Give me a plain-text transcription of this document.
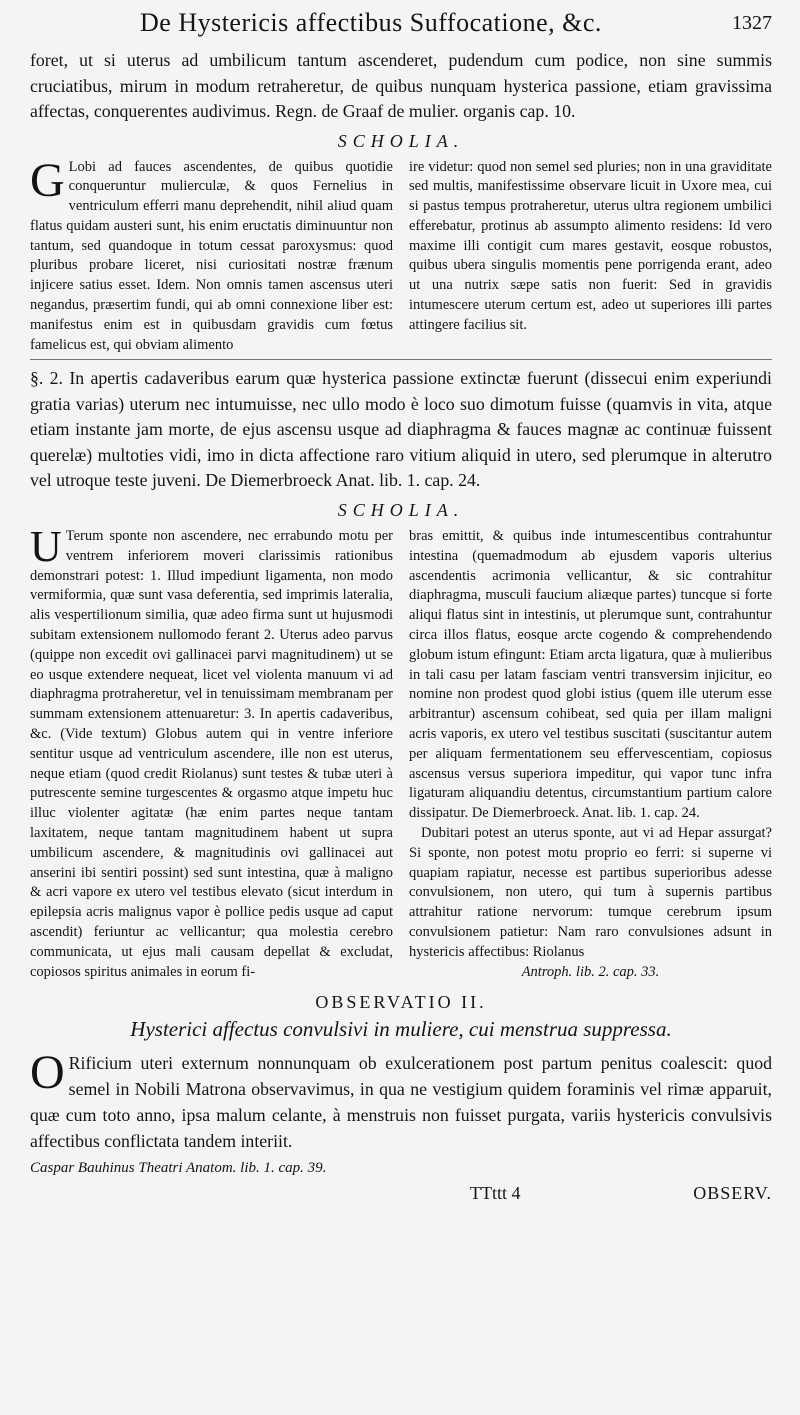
De Hystericis affectibus Suffocatione, &c.	1327

foret, ut si uterus ad umbilicum tantum ascenderet, pudendum cum podice, non sine summis cruciatibus, mirum in modum retraheretur, de quibus nunquam hysterica passione, etiam gravissima affectas, conquerentes audivimus. Regn. de Graaf de mulier. organis cap. 10.

SCHOLIA.
G Lobi ad fauces ascendentes, de quibus quotidie conqueruntur mulierculæ, & quos Fernelius in ventriculum efferri manu deprehendit, nihil aliud quam flatus quidam austeri sunt, his enim eructatis diminuuntur non tantum, sed quandoque in totum cessat paroxysmus: quod pluribus probare liceret, nisi curiositati nostræ frænum injicere satius esset. Idem. Non omnis tamen ascensus uteri negandus, præsertim fundi, qui ab omni connexione liber est: manifestus enim est in quibusdam gravidis cum fœtus famelicus est, qui obviam alimento

ire videtur: quod non semel sed pluries; non in una graviditate sed multis, manifestissime observare licuit in Uxore mea, cui si pastus tempus protraheretur, uterus ultra regionem umbilici efferebatur, protinus ab assumpto alimento residens: Id vero maxime illi contigit cum mares gestavit, eosque robustos, quibus ubera singulis momentis pene porrigenda erant, adeo ut una nutrix sæpe satis non fuerit: Sed in gravidis intumescere uterum certum est, adeo ut superiores illi partes attingere facilius sit.

§. 2. In apertis cadaveribus earum quæ hysterica passione extinctæ fuerunt (dissecui enim experiundi gratia varias) uterum nec intumuisse, nec ullo modo è loco suo dimotum fuisse (quamvis in vita, atque etiam instante jam morte, de ejus ascensu usque ad diaphragma & fauces magnæ ac continuæ fuissent querelæ) multoties vidi, imo in dicta affectione raro vitium aliquid in utero, sed plerumque in alterutro vel utroque teste juveni. De Diemerbroeck Anat. lib. 1. cap. 24.

SCHOLIA.
U Terum sponte non ascendere, nec errabundo motu per ventrem inferiorem moveri clarissimis rationibus demonstrari potest: 1. Illud impediunt ligamenta, non modo vermiformia, quæ sunt vasa deferentia, sed imprimis lateralia, alis vespertilionum similia, quæ adeo firma sunt ut hujusmodi subitam extensionem nullomodo ferant 2. Uterus adeo parvus (quippe non excedit ovi gallinacei parvi magnitudinem) ut se eo usque extendere nequeat, licet vel violenta manuum vi ad diaphragma protraheretur, vel in tenuissimam membranam per summam extensionem attenuaretur: 3. In apertis cadaveribus, &c. (Vide textum) Globus autem qui in ventre inferiore sentitur usque ad ventriculum ascendere, ille non est uterus, neque etiam (quod credit Riolanus) sunt testes & tubæ uteri à putrescente semine turgescentes & orgasmo atque impetu huc illuc violenter agitatæ (hæ enim partes neque tantam laxitatem, neque tantam magnitudinem habent ut supra umbilicum ascendere, & magnitudinis ovi gallinacei aut anserini ibi sentiri possint) sed sunt intestina, quæ à maligno & acri vapore ex utero vel testibus elevato (sicut interdum in epilepsia acris malignus vapor è pollice pedis usque ad caput ascendit) feriuntur ac vellicantur; qua molestia cerebro communicata, ut ejus mali causam depellat & excludat, copiosos spiritus animales in eorum fi-

bras emittit, & quibus inde intumescentibus contrahuntur intestina (quemadmodum ab ejusdem vaporis ulterius ascendentis acrimonia vellicantur, & sic contrahitur diaphragma, musculi faucium aliæque partes) tuncque si forte aliqui flatus sint in intestinis, ut plerumque sunt, contrahuntur circa illos flatus, eosque arcte cogendo & comprehendendo globum istum efingunt: Etiam arcta ligatura, quæ à mulieribus in tali casu per latam fasciam ventri transversim injicitur, eo nomine non prodest quod globi istius (quem ille uterum esse arbitrantur) ascensum cohibeat, sed quia per illam maligni acris vaporis, ex utero vel testibus suscitati (suscitantur autem per aliquam fermentationem seu effervescentiam, copiosus ascensus versus superiora impeditur, qui vapor tunc infra ligaturam aliquandiu detentus, circumstantium partium calore dissipatur. De Diemerbroeck. Anat. lib. 1. cap. 24.

Dubitari potest an uterus sponte, aut vi ad Hepar assurgat? Si sponte, non potest motu proprio eo ferri: si superne vi quapiam rapiatur, necesse est partibus superioribus adesse convulsionem, non utero, qui tum à supernis partibus attrahitur ratione nervorum: tumque cerebrum ipsum convulsionem patietur: Nam raro convulsiones adsunt in hystericis affectibus: Riolanus

Antroph. lib. 2. cap. 33.

OBSERVATIO II.
Hysterici affectus convulsivi in muliere, cui menstrua suppressa.
O Rificium uteri externum nonnunquam ob exulcerationem post partum penitus coalescit: quod semel in Nobili Matrona observavimus, in qua ne vestigium quidem foraminis vel rimæ apparuit, quæ cum toto anno, ipsa malum celante, à menstruis non fuisset purgata, variis hystericis convulsivis affectibus conflictata tandem interiit.

Caspar Bauhinus Theatri Anatom. lib. 1. cap. 39.
TTttt 4	OBSERV.
